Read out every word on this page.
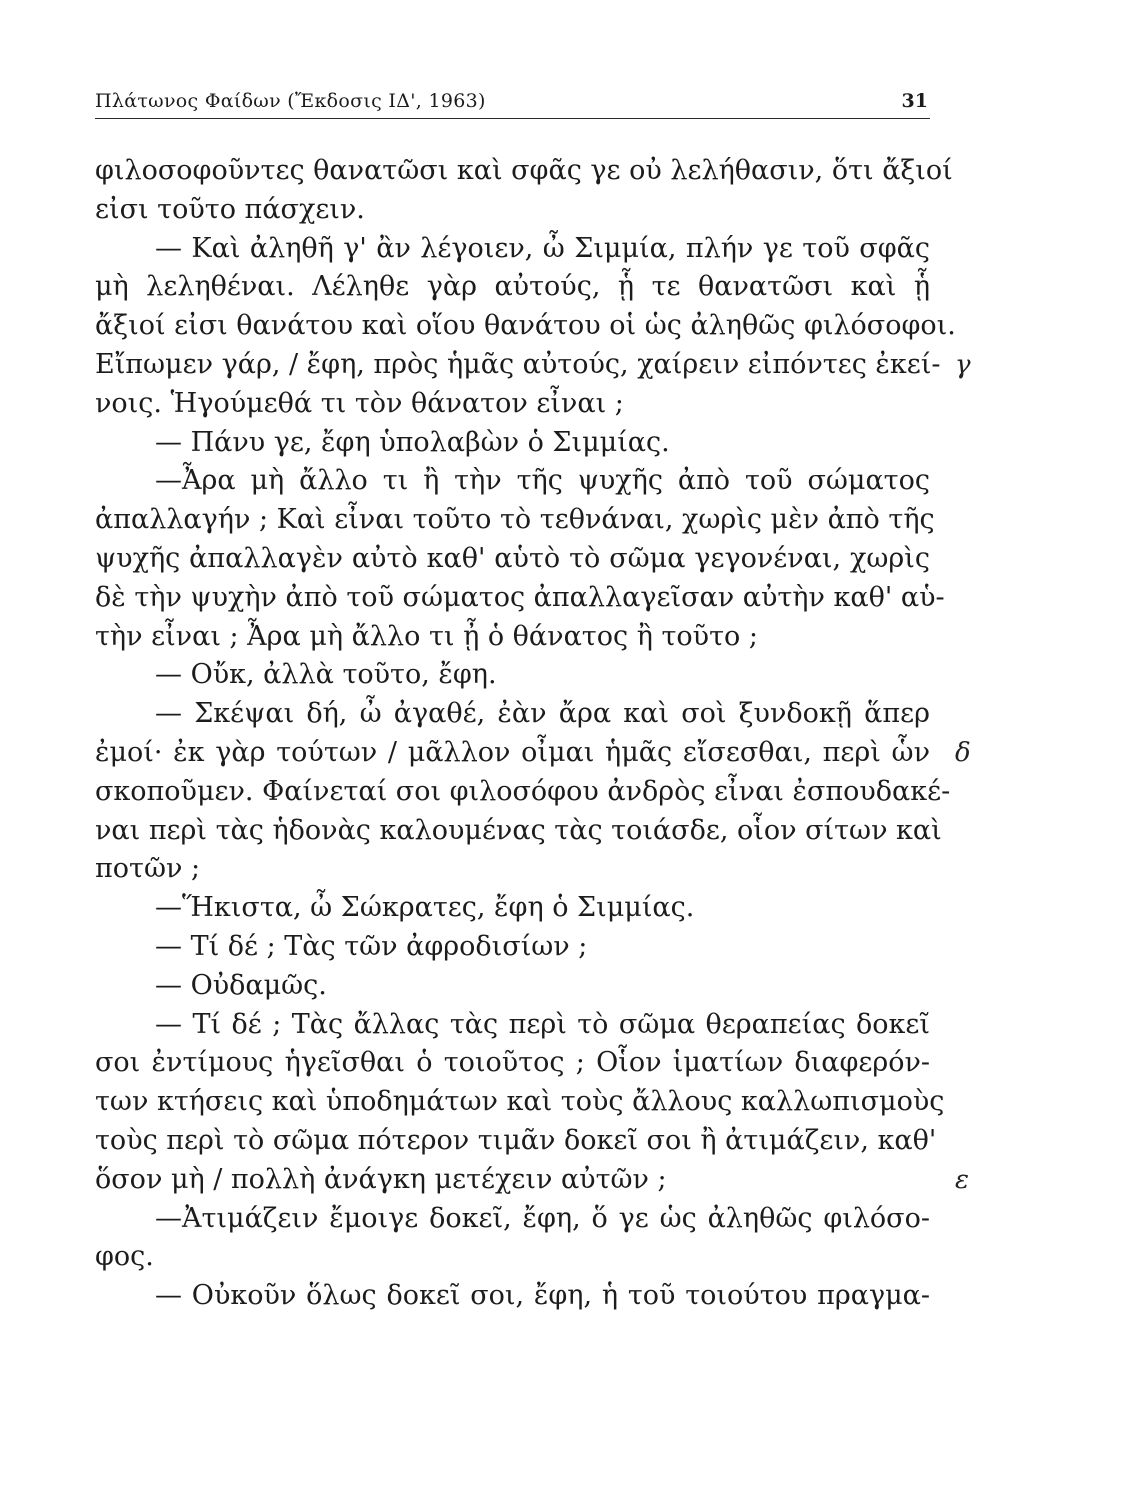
Πλάτωνος Φαίδων (Ἔκδοσις ΙΔ', 1963)	31
φιλοσοφοῦντες θανατῶσι καὶ σφᾶς γε οὐ λελήθασιν, ὅτι ἄξιοί
εἰσι τοῦτο πάσχειν.
— Καὶ ἀληθῆ γ' ἂν λέγοιεν, ὦ Σιμμία, πλήν γε τοῦ σφᾶς
μὴ λεληθέναι. Λέληθε γὰρ αὐτούς, ᾗ τε θανατῶσι καὶ ᾗ
ἄξιοί εἰσι θανάτου καὶ οἵου θανάτου οἱ ὡς ἀληθῶς φιλόσοφοι.
Εἴπωμεν γάρ, / ἔφη, πρὸς ἡμᾶς αὐτούς, χαίρειν εἰπόντες ἐκεί-
νοις. Ἡγούμεθά τι τὸν θάνατον εἶναι ;
— Πάνυ γε, ἔφη ὑπολαβὼν ὁ Σιμμίας.
—Ἆρα μὴ ἄλλο τι ἢ τὴν τῆς ψυχῆς ἀπὸ τοῦ σώματος
ἀπαλλαγήν ; Καὶ εἶναι τοῦτο τὸ τεθνάναι, χωρὶς μὲν ἀπὸ τῆς
ψυχῆς ἀπαλλαγὲν αὐτὸ καθ' αὑτὸ τὸ σῶμα γεγονέναι, χωρὶς
δὲ τὴν ψυχὴν ἀπὸ τοῦ σώματος ἀπαλλαγεῖσαν αὐτὴν καθ' αὑ-
τὴν εἶναι ; Ἆρα μὴ ἄλλο τι ᾖ ὁ θάνατος ἢ τοῦτο ;
— Οὔκ, ἀλλὰ τοῦτο, ἔφη.
— Σκέψαι δή, ὦ ἀγαθέ, ἐὰν ἄρα καὶ σοὶ ξυνδοκῇ ἅπερ
ἐμοί· ἐκ γὰρ τούτων / μᾶλλον οἶμαι ἡμᾶς εἴσεσθαι, περὶ ὧν
σκοποῦμεν. Φαίνεταί σοι φιλοσόφου ἀνδρὸς εἶναι ἐσπουδακέ-
ναι περὶ τὰς ἡδονὰς καλουμένας τὰς τοιάσδε, οἷον σίτων καὶ
ποτῶν ;
—Ἥκιστα, ὦ Σώκρατες, ἔφη ὁ Σιμμίας.
— Τί δέ ; Τὰς τῶν ἀφροδισίων ;
— Οὐδαμῶς.
— Τί δέ ; Τὰς ἄλλας τὰς περὶ τὸ σῶμα θεραπείας δοκεῖ
σοι ἐντίμους ἡγεῖσθαι ὁ τοιοῦτος ; Οἷον ἱματίων διαφερόν-
των κτήσεις καὶ ὑποδημάτων καὶ τοὺς ἄλλους καλλωπισμοὺς
τοὺς περὶ τὸ σῶμα πότερον τιμᾶν δοκεῖ σοι ἢ ἀτιμάζειν, καθ'
ὅσον μὴ / πολλὴ ἀνάγκη μετέχειν αὐτῶν ;
—Ἀτιμάζειν ἔμοιγε δοκεῖ, ἔφη, ὅ γε ὡς ἀληθῶς φιλόσο-
φος.
— Οὐκοῦν ὅλως δοκεῖ σοι, ἔφη, ἡ τοῦ τοιούτου πραγμα-
γ
δ
ε
